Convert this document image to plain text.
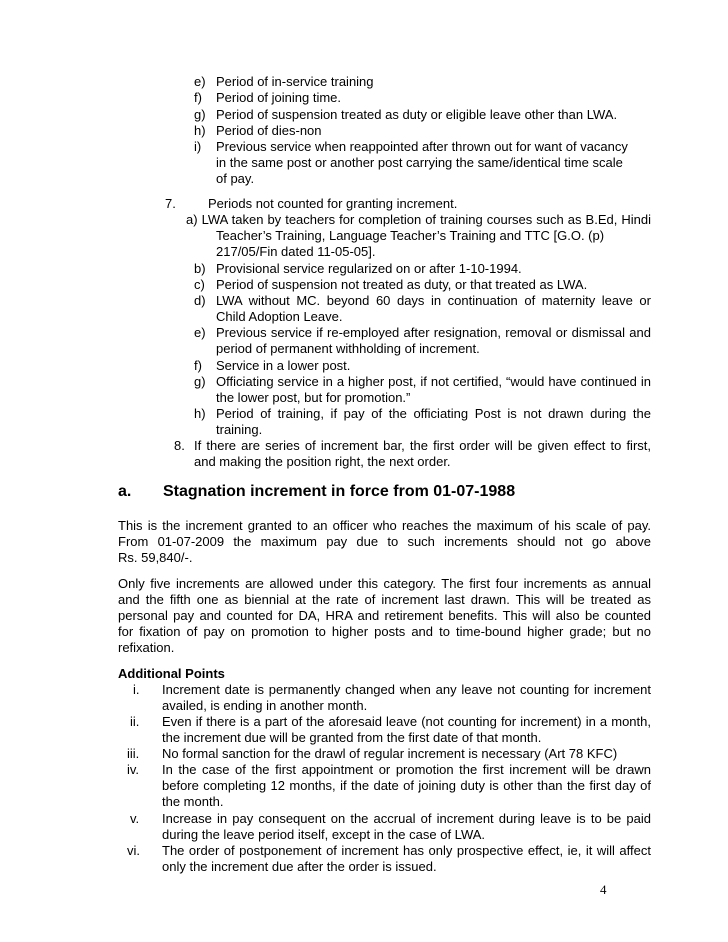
e) Period of in-service training
f) Period of joining time.
g) Period of suspension treated as duty or eligible leave other than LWA.
h) Period of dies-non
i) Previous service when reappointed after thrown out for want of vacancy
in the same post or another post carrying the same/identical time scale
of pay.
7. Periods not counted for granting increment.
a) LWA taken by teachers for completion of training courses such as B.Ed, Hindi
Teacher’s Training, Language Teacher’s Training and TTC [G.O. (p)
217/05/Fin dated 11-05-05].
b) Provisional service regularized on or after 1-10-1994.
c) Period of suspension not treated as duty, or that treated as LWA.
d) LWA without MC. beyond 60 days in continuation of maternity leave or
Child Adoption Leave.
e) Previous service if re-employed after resignation, removal or dismissal and
period of permanent withholding of increment.
f) Service in a lower post.
g) Officiating service in a higher post, if not certified, “would have continued in
the lower post, but for promotion.”
h) Period of training, if pay of the officiating Post is not drawn during the
training.
8. If there are series of increment bar, the first order will be given effect to first,
and making the position right, the next order.
a. Stagnation increment in force from 01-07-1988
This is the increment granted to an officer who reaches the maximum of his scale of pay.
From 01-07-2009 the maximum pay due to such increments should not go above
Rs. 59,840/-.
Only five increments are allowed under this category. The first four increments as annual
and the fifth one as biennial at the rate of increment last drawn. This will be treated as
personal pay and counted for DA, HRA and retirement benefits. This will also be counted
for fixation of pay on promotion to higher posts and to time-bound higher grade; but no
refixation.
Additional Points
i. Increment date is permanently changed when any leave not counting for increment
availed, is ending in another month.
ii. Even if there is a part of the aforesaid leave (not counting for increment) in a month,
the increment due will be granted from the first date of that month.
iii. No formal sanction for the drawl of regular increment is necessary (Art 78 KFC)
iv. In the case of the first appointment or promotion the first increment will be drawn
before completing 12 months, if the date of joining duty is other than the first day of
the month.
v. Increase in pay consequent on the accrual of increment during leave is to be paid
during the leave period itself, except in the case of LWA.
vi. The order of postponement of increment has only prospective effect, ie, it will affect
only the increment due after the order is issued.
4
